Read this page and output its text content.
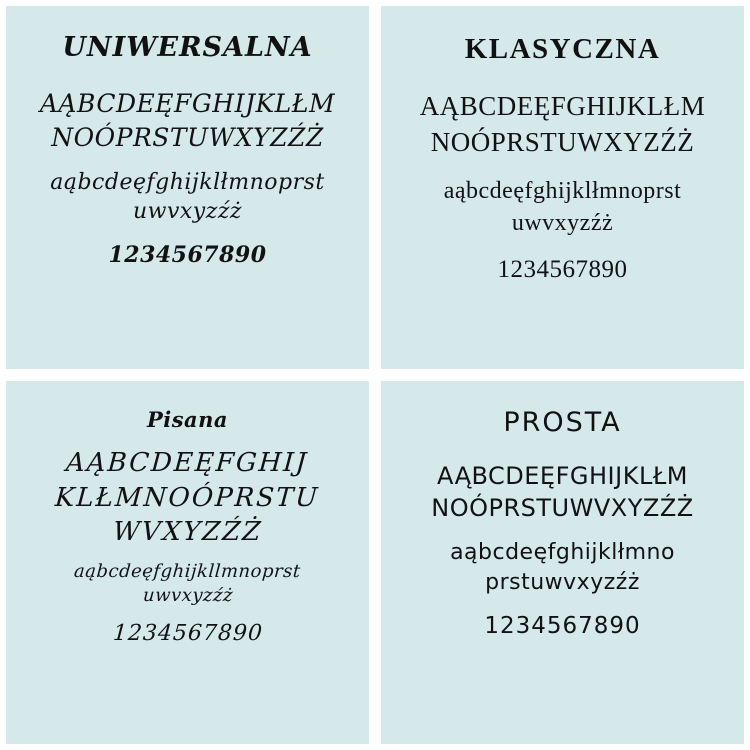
UNIWERSALNA
AĄBCDEĘFGHIJKLŁM
NOÓPRSTUWXYZŹŻ
aąbcdeęfghijklłmnoprst
uwvxyzźż
1234567890
KLASYCZNA
AĄBCDEĘFGHIJKLŁM
NOÓPRSTUWXYZŹŻ
aąbcdeęfghijklłmnoprst
uwvxyzźż
1234567890
Pisana
AĄBCDEĘFGHIJ
KLŁMNOÓPRSTU
WVXYZŹŻ
aąbcdeęfghijkllmnoprst
uwvxyzźż
1234567890
PROSTA
AĄBCDEĘFGHIJKLŁM
NOÓPRSTUWVXYZŹŻ
aąbcdeęfghijklłmno
prstuwvxyzźż
1234567890
